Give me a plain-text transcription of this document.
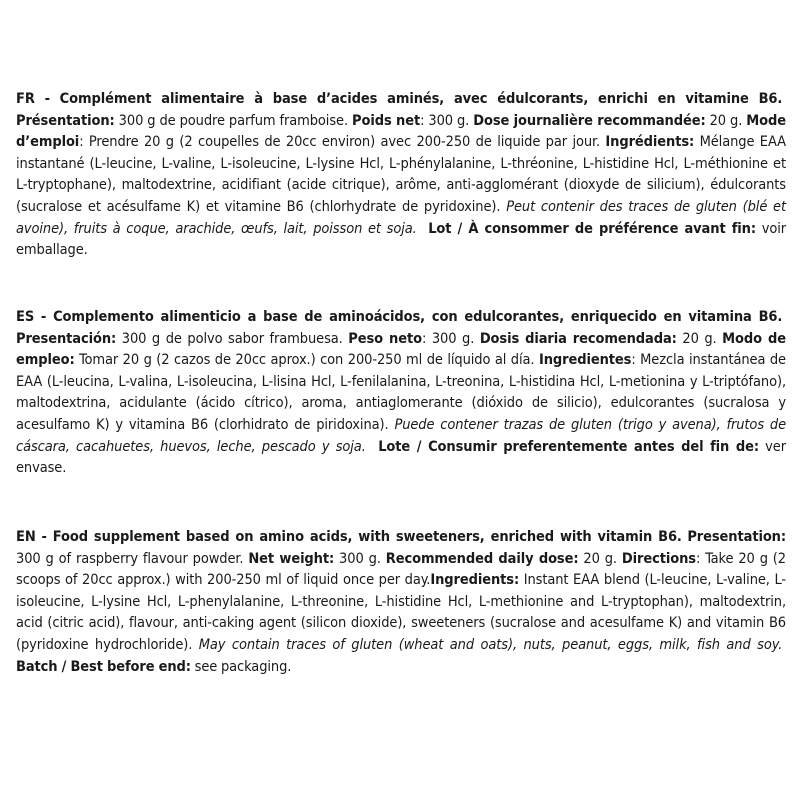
FR - Complément alimentaire à base d’acides aminés, avec édulcorants, enrichi en vitamine B6.  Présentation: 300 g de poudre parfum framboise. Poids net: 300 g. Dose journalière recommandée: 20 g. Mode d’emploi: Prendre 20 g (2 coupelles de 20cc environ) avec 200-250 de liquide par jour. Ingrédients: Mélange EAA instantané (L-leucine, L-valine, L-isoleucine, L-lysine Hcl, L-phénylalanine, L-thréonine, L-histidine Hcl, L-méthionine et L-tryptophane), maltodextrine, acidifiant (acide citrique), arôme, anti-agglomérant (dioxyde de silicium), édulcorants (sucralose et acésulfame K) et vitamine B6 (chlorhydrate de pyridoxine). Peut contenir des traces de gluten (blé et avoine), fruits à coque, arachide, œufs, lait, poisson et soja. Lot / À consommer de préférence avant fin: voir emballage.

ES - Complemento alimenticio a base de aminoácidos, con edulcorantes, enriquecido en vitamina B6.  Presentación: 300 g de polvo sabor frambuesa. Peso neto: 300 g. Dosis diaria recomendada: 20 g. Modo de empleo: Tomar 20 g (2 cazos de 20cc aprox.) con 200-250 ml de líquido al día. Ingredientes: Mezcla instantánea de EAA (L-leucina, L-valina, L-isoleucina, L-lisina Hcl, L-fenilalanina, L-treonina, L-histidina Hcl, L-metionina y L-triptófano), maltodextrina, acidulante (ácido cítrico), aroma, antiaglomerante (dióxido de silicio), edulcorantes (sucralosa y acesulfamo K) y vitamina B6 (clorhidrato de piridoxina). Puede contener trazas de gluten (trigo y avena), frutos de cáscara, cacahuetes, huevos, leche, pescado y soja. Lote / Consumir preferentemente antes del fin de: ver envase.

EN - Food supplement based on amino acids, with sweeteners, enriched with vitamin B6. Presentation: 300 g of raspberry flavour powder. Net weight: 300 g. Recommended daily dose: 20 g. Directions: Take 20 g (2 scoops of 20cc approx.) with 200-250 ml of liquid once per day.Ingredients: Instant EAA blend (L-leucine, L-valine, L-isoleucine, L-lysine Hcl, L-phenylalanine, L-threonine, L-histidine Hcl, L-methionine and L-tryptophan), maltodextrin, acid (citric acid), flavour, anti-caking agent (silicon dioxide), sweeteners (sucralose and acesulfame K) and vitamin B6 (pyridoxine hydrochloride). May contain traces of gluten (wheat and oats), nuts, peanut, eggs, milk, fish and soy.  Batch / Best before end: see packaging.
